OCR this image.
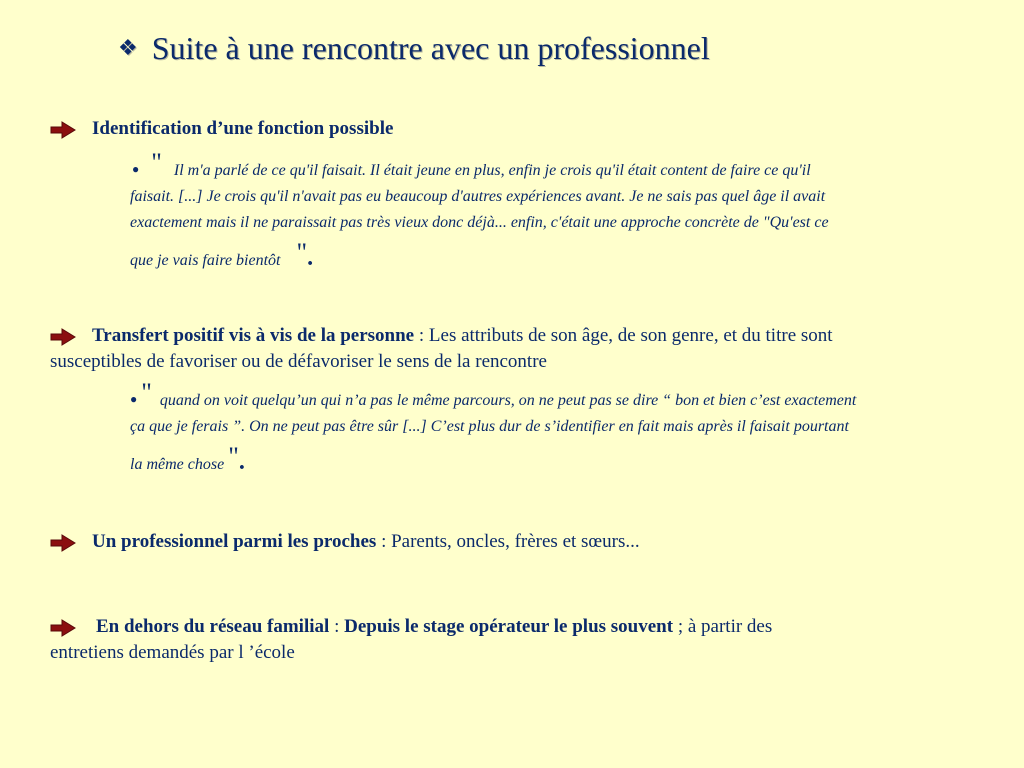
❖ Suite à une rencontre avec un professionnel
Identification d’une fonction possible
● " Il m'a parlé de ce qu'il faisait. Il était jeune en plus, enfin je crois qu'il était content de faire ce qu'il
faisait. [...] Je crois qu'il n'avait pas eu beaucoup d'autres expériences avant. Je ne sais pas quel âge il avait
exactement mais il ne paraissait pas très vieux donc déjà... enfin, c'était une approche concrète de "Qu'est ce
que je vais faire bientôt ".
Transfert positif vis à vis de la personne : Les attributs de son âge, de son genre, et du titre sont
susceptibles de favoriser ou de défavoriser le sens de la rencontre
● " quand on voit quelqu’un qui n’a pas le même parcours, on ne peut pas se dire “ bon et bien c’est exactement
ça que je ferais ”. On ne peut pas être sûr [...] C’est plus dur de s’identifier en fait mais après il faisait pourtant
la même chose ".
Un professionnel parmi les proches : Parents, oncles, frères et sœurs...
En dehors du réseau familial : Depuis le stage opérateur le plus souvent ; à partir des
entretiens demandés par l ’école
